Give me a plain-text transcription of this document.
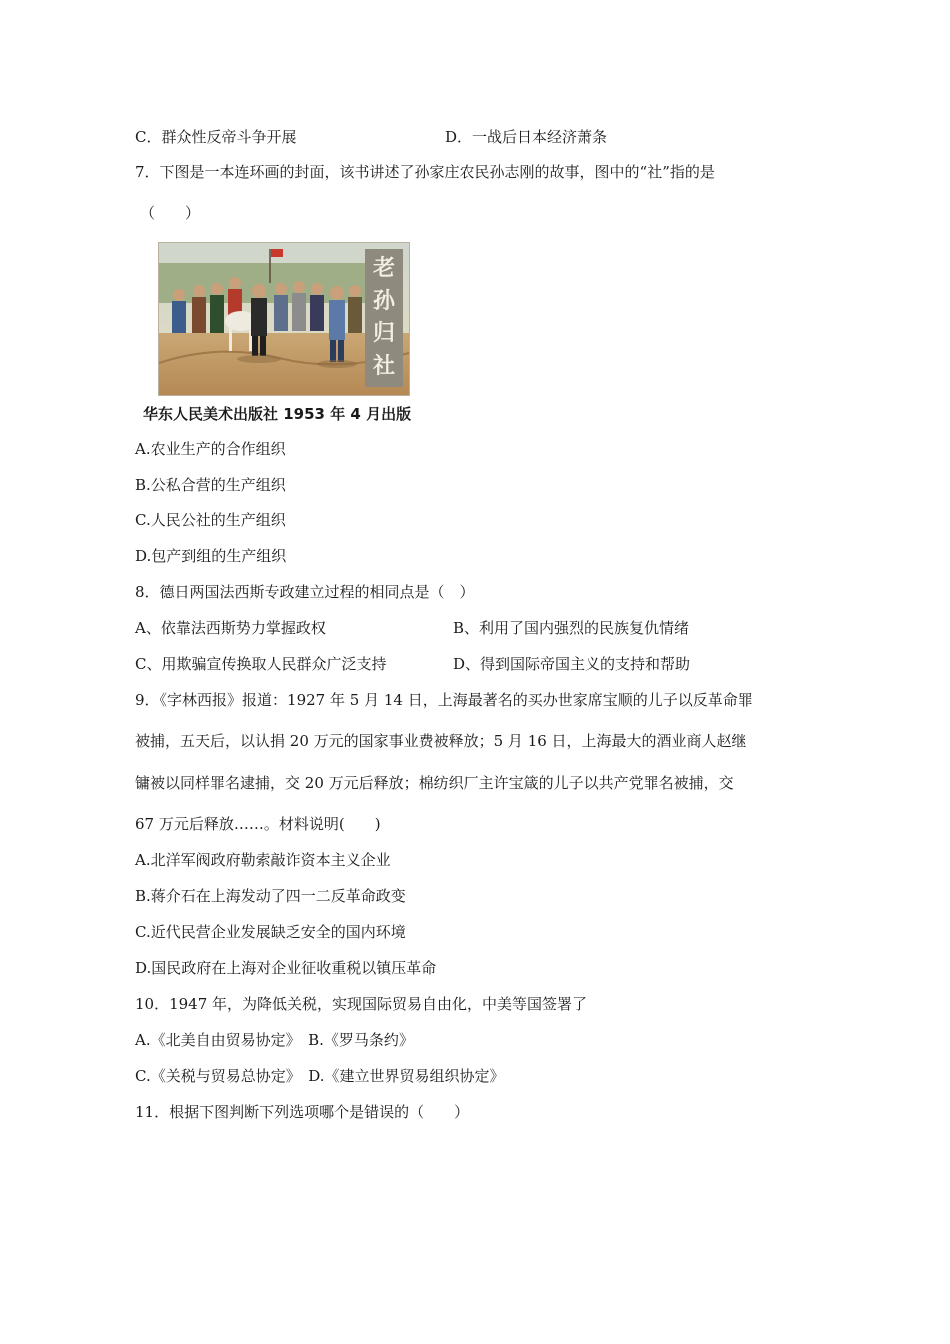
C．群众性反帝斗争开展	D．一战后日本经济萧条
7．下图是一本连环画的封面，该书讲述了孙家庄农民孙志刚的故事，图中的“社”指的是
（　　）
老
孙
归
社
华东人民美术出版社 1953 年 4 月出版
A.农业生产的合作组织
B.公私合营的生产组织
C.人民公社的生产组织
D.包产到组的生产组织
8．德日两国法西斯专政建立过程的相同点是（　）
A、依靠法西斯势力掌握政权	B、利用了国内强烈的民族复仇情绪
C、用欺骗宣传换取人民群众广泛支持	D、得到国际帝国主义的支持和帮助
9．《字林西报》报道：1927 年 5 月 14 日，上海最著名的买办世家席宝顺的儿子以反革命罪
被捕，五天后，以认捐 20 万元的国家事业费被释放；5 月 16 日，上海最大的酒业商人赵继
镛被以同样罪名逮捕，交 20 万元后释放；棉纺织厂主许宝箴的儿子以共产党罪名被捕，交
67 万元后释放……。材料说明(　　)
A.北洋军阀政府勒索敲诈资本主义企业
B.蒋介石在上海发动了四一二反革命政变
C.近代民营企业发展缺乏安全的国内环境
D.国民政府在上海对企业征收重税以镇压革命
10．1947 年，为降低关税，实现国际贸易自由化，中美等国签署了
A.《北美自由贸易协定》　B.《罗马条约》
C.《关税与贸易总协定》　D.《建立世界贸易组织协定》
11．根据下图判断下列选项哪个是错误的（　　）
